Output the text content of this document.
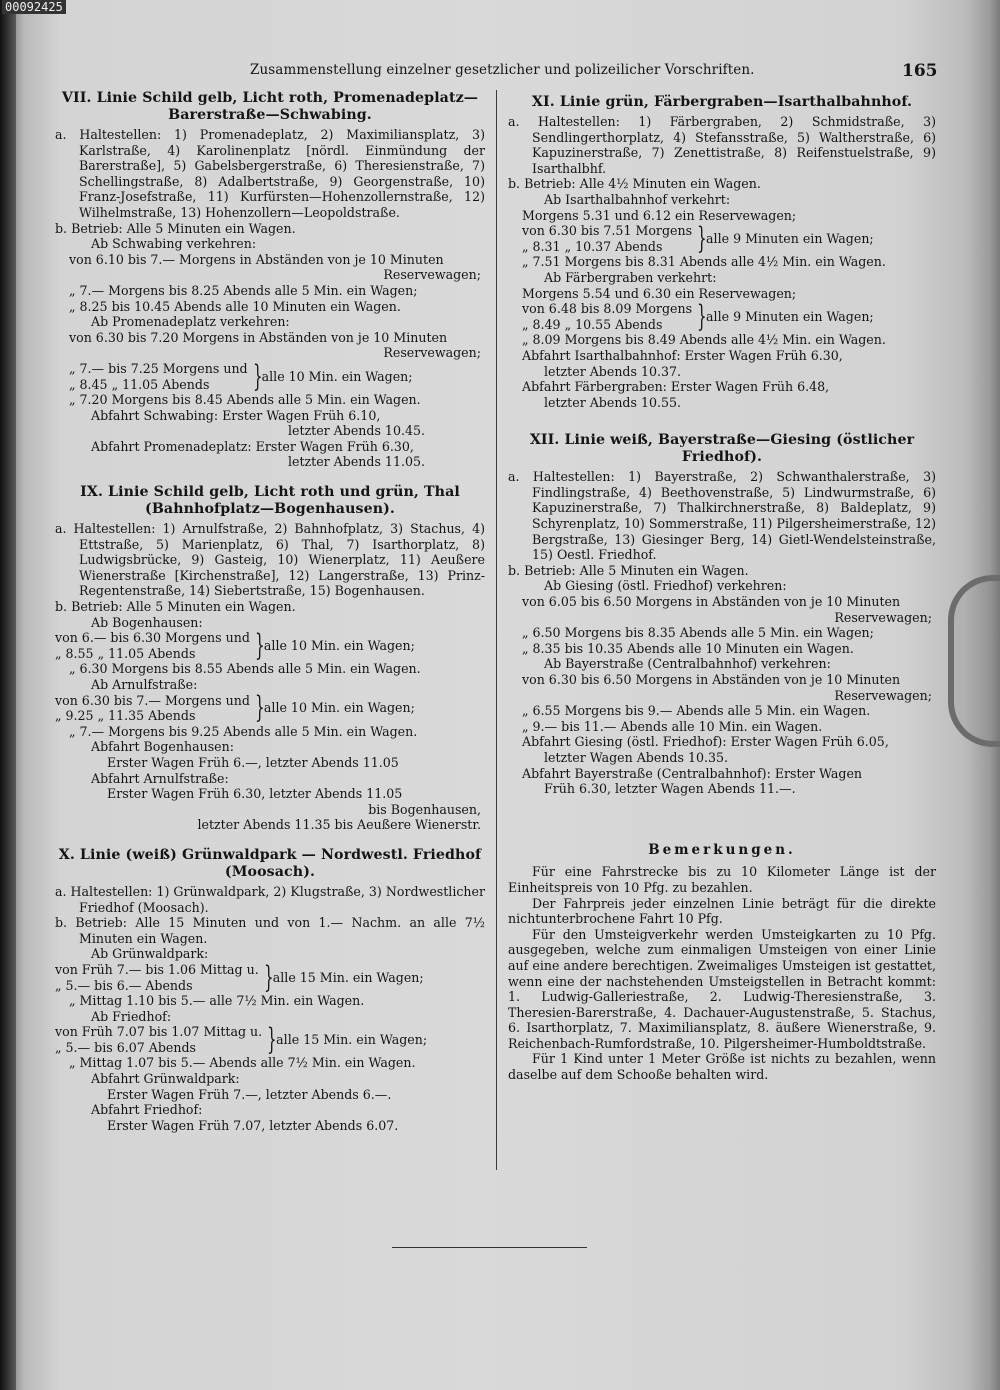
00092425
Zusammenstellung einzelner gesetzlicher und polizeilicher Vorschriften.	165
VII. Linie Schild gelb, Licht roth, Promenadeplatz—Barerstraße—Schwabing.
a. Haltestellen: 1) Promenadeplatz, 2) Maximiliansplatz, 3) Karlstraße, 4) Karolinenplatz [nördl. Einmündung der Barerstraße], 5) Gabelsbergerstraße, 6) Theresienstraße, 7) Schellingstraße, 8) Adalbertstraße, 9) Georgenstraße, 10) Franz-Josefstraße, 11) Kurfürsten—Hohenzollernstraße, 12) Wilhelmstraße, 13) Hohenzollern—Leopoldstraße.
b. Betrieb: Alle 5 Minuten ein Wagen.
Ab Schwabing verkehren:
von 6.10 bis 7.— Morgens in Abständen von je 10 Minuten
Reservewagen;
„ 7.— Morgens bis 8.25 Abends alle 5 Min. ein Wagen;
„ 8.25 bis 10.45 Abends alle 10 Minuten ein Wagen.
Ab Promenadeplatz verkehren:
von 6.30 bis 7.20 Morgens in Abständen von je 10 Minuten
Reservewagen;
„ 7.— bis 7.25 Morgens und
„ 8.45 „ 11.05 Abends	} alle 10 Min. ein Wagen;
„ 7.20 Morgens bis 8.45 Abends alle 5 Min. ein Wagen.
Abfahrt Schwabing: Erster Wagen Früh 6.10,
letzter Abends 10.45.
Abfahrt Promenadeplatz: Erster Wagen Früh 6.30,
letzter Abends 11.05.
IX. Linie Schild gelb, Licht roth und grün, Thal (Bahnhofplatz—Bogenhausen).
a. Haltestellen: 1) Arnulfstraße, 2) Bahnhofplatz, 3) Stachus, 4) Ettstraße, 5) Marienplatz, 6) Thal, 7) Isarthorplatz, 8) Ludwigsbrücke, 9) Gasteig, 10) Wienerplatz, 11) Aeußere Wienerstraße [Kirchenstraße], 12) Langerstraße, 13) Prinz-Regentenstraße, 14) Siebertstraße, 15) Bogenhausen.
b. Betrieb: Alle 5 Minuten ein Wagen.
Ab Bogenhausen:
von 6.— bis 6.30 Morgens und
„ 8.55 „ 11.05 Abends	} alle 10 Min. ein Wagen;
„ 6.30 Morgens bis 8.55 Abends alle 5 Min. ein Wagen.
Ab Arnulfstraße:
von 6.30 bis 7.— Morgens und
„ 9.25 „ 11.35 Abends	} alle 10 Min. ein Wagen;
„ 7.— Morgens bis 9.25 Abends alle 5 Min. ein Wagen.
Abfahrt Bogenhausen:
Erster Wagen Früh 6.—, letzter Abends 11.05
Abfahrt Arnulfstraße:
Erster Wagen Früh 6.30, letzter Abends 11.05
bis Bogenhausen,
letzter Abends 11.35 bis Aeußere Wienerstr.
X. Linie (weiß) Grünwaldpark — Nordwestl. Friedhof (Moosach).
a. Haltestellen: 1) Grünwaldpark, 2) Klugstraße, 3) Nordwestlicher Friedhof (Moosach).
b. Betrieb: Alle 15 Minuten und von 1.— Nachm. an alle 7½ Minuten ein Wagen.
Ab Grünwaldpark:
von Früh 7.— bis 1.06 Mittag u.
„ 5.— bis 6.— Abends	} alle 15 Min. ein Wagen;
„ Mittag 1.10 bis 5.— alle 7½ Min. ein Wagen.
Ab Friedhof:
von Früh 7.07 bis 1.07 Mittag u.
„ 5.— bis 6.07 Abends	} alle 15 Min. ein Wagen;
„ Mittag 1.07 bis 5.— Abends alle 7½ Min. ein Wagen.
Abfahrt Grünwaldpark:
Erster Wagen Früh 7.—, letzter Abends 6.—.
Abfahrt Friedhof:
Erster Wagen Früh 7.07, letzter Abends 6.07.
XI. Linie grün, Färbergraben—Isarthalbahnhof.
a. Haltestellen: 1) Färbergraben, 2) Schmidstraße, 3) Sendlingerthorplatz, 4) Stefansstraße, 5) Waltherstraße, 6) Kapuzinerstraße, 7) Zenettistraße, 8) Reifenstuelstraße, 9) Isarthalbhf.
b. Betrieb: Alle 4½ Minuten ein Wagen.
Ab Isarthalbahnhof verkehrt:
Morgens 5.31 und 6.12 ein Reservewagen;
von 6.30 bis 7.51 Morgens
„ 8.31 „ 10.37 Abends	} alle 9 Minuten ein Wagen;
„ 7.51 Morgens bis 8.31 Abends alle 4½ Min. ein Wagen.
Ab Färbergraben verkehrt:
Morgens 5.54 und 6.30 ein Reservewagen;
von 6.48 bis 8.09 Morgens
„ 8.49 „ 10.55 Abends	} alle 9 Minuten ein Wagen;
„ 8.09 Morgens bis 8.49 Abends alle 4½ Min. ein Wagen.
Abfahrt Isarthalbahnhof: Erster Wagen Früh 6.30,
letzter Abends 10.37.
Abfahrt Färbergraben: Erster Wagen Früh 6.48,
letzter Abends 10.55.
XII. Linie weiß, Bayerstraße—Giesing (östlicher Friedhof).
a. Haltestellen: 1) Bayerstraße, 2) Schwanthalerstraße, 3) Findlingstraße, 4) Beethovenstraße, 5) Lindwurmstraße, 6) Kapuzinerstraße, 7) Thalkirchnerstraße, 8) Baldeplatz, 9) Schyrenplatz, 10) Sommerstraße, 11) Pilgersheimerstraße, 12) Bergstraße, 13) Giesinger Berg, 14) Gietl-Wendelsteinstraße, 15) Oestl. Friedhof.
b. Betrieb: Alle 5 Minuten ein Wagen.
Ab Giesing (östl. Friedhof) verkehren:
von 6.05 bis 6.50 Morgens in Abständen von je 10 Minuten
Reservewagen;
„ 6.50 Morgens bis 8.35 Abends alle 5 Min. ein Wagen;
„ 8.35 bis 10.35 Abends alle 10 Minuten ein Wagen.
Ab Bayerstraße (Centralbahnhof) verkehren:
von 6.30 bis 6.50 Morgens in Abständen von je 10 Minuten
Reservewagen;
„ 6.55 Morgens bis 9.— Abends alle 5 Min. ein Wagen.
„ 9.— bis 11.— Abends alle 10 Min. ein Wagen.
Abfahrt Giesing (östl. Friedhof): Erster Wagen Früh 6.05,
letzter Wagen Abends 10.35.
Abfahrt Bayerstraße (Centralbahnhof): Erster Wagen
Früh 6.30, letzter Wagen Abends 11.—.
Bemerkungen.
Für eine Fahrstrecke bis zu 10 Kilometer Länge ist der Einheitspreis von 10 Pfg. zu bezahlen.
Der Fahrpreis jeder einzelnen Linie beträgt für die direkte nichtunterbrochene Fahrt 10 Pfg.
Für den Umsteigverkehr werden Umsteigkarten zu 10 Pfg. ausgegeben, welche zum einmaligen Umsteigen von einer Linie auf eine andere berechtigen. Zweimaliges Umsteigen ist gestattet, wenn eine der nachstehenden Umsteigstellen in Betracht kommt: 1. Ludwig-Galleriestraße, 2. Ludwig-Theresienstraße, 3. Theresien-Barerstraße, 4. Dachauer-Augustenstraße, 5. Stachus, 6. Isarthorplatz, 7. Maximiliansplatz, 8. äußere Wienerstraße, 9. Reichenbach-Rumfordstraße, 10. Pilgersheimer-Humboldtstraße.
Für 1 Kind unter 1 Meter Größe ist nichts zu bezahlen, wenn daselbe auf dem Schooße behalten wird.
